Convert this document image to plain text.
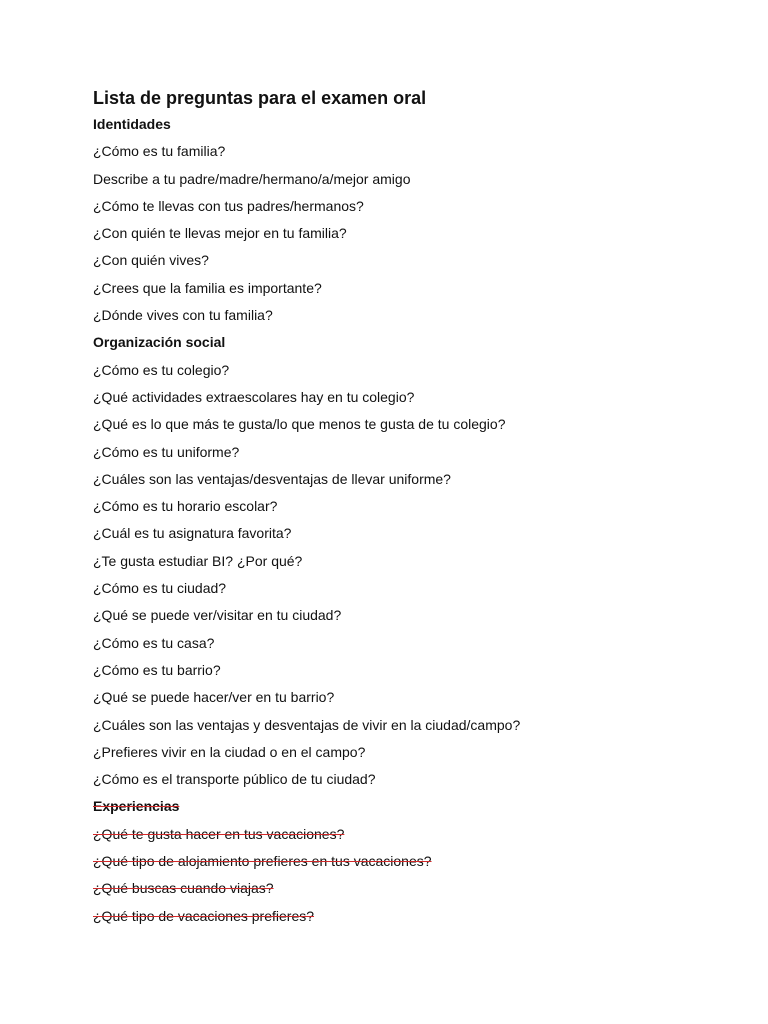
Lista de preguntas para el examen oral
Identidades
¿Cómo es tu familia?
Describe a tu padre/madre/hermano/a/mejor amigo
¿Cómo te llevas con tus padres/hermanos?
¿Con quién te llevas mejor en tu familia?
¿Con quién vives?
¿Crees que la familia es importante?
¿Dónde vives con tu familia?
Organización social
¿Cómo es tu colegio?
¿Qué actividades extraescolares hay en tu colegio?
¿Qué es lo que más te gusta/lo que menos te gusta de tu colegio?
¿Cómo es tu uniforme?
¿Cuáles son las ventajas/desventajas de llevar uniforme?
¿Cómo es tu horario escolar?
¿Cuál es tu asignatura favorita?
¿Te gusta estudiar BI? ¿Por qué?
¿Cómo es tu ciudad?
¿Qué se puede ver/visitar en tu ciudad?
¿Cómo es tu casa?
¿Cómo es tu barrio?
¿Qué se puede hacer/ver en tu barrio?
¿Cuáles son las ventajas y desventajas de vivir en la ciudad/campo?
¿Prefieres vivir en la ciudad o en el campo?
¿Cómo es el transporte público de tu ciudad?
Experiencias
¿Qué te gusta hacer en tus vacaciones?
¿Qué tipo de alojamiento prefieres en tus vacaciones?
¿Qué buscas cuando viajas?
¿Qué tipo de vacaciones prefieres?
